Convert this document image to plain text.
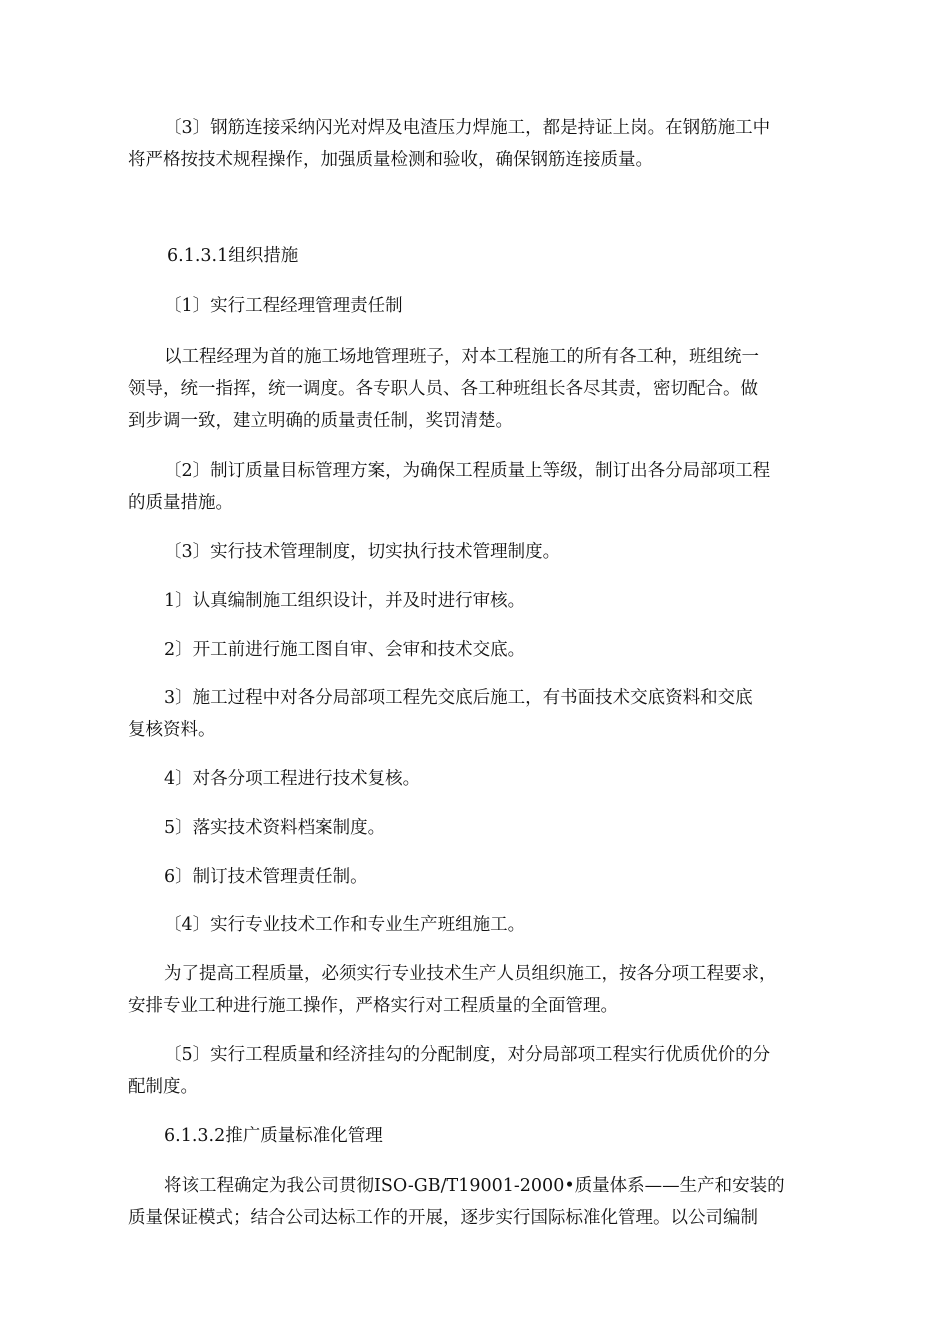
〔3〕钢筋连接采纳闪光对焊及电渣压力焊施工，都是持证上岗。在钢筋施工中
将严格按技术规程操作，加强质量检测和验收，确保钢筋连接质量。

6.1.3.1组织措施

〔1〕实行工程经理管理责任制

以工程经理为首的施工场地管理班子，对本工程施工的所有各工种，班组统一
领导，统一指挥，统一调度。各专职人员、各工种班组长各尽其责，密切配合。做
到步调一致，建立明确的质量责任制，奖罚清楚。

〔2〕制订质量目标管理方案，为确保工程质量上等级，制订出各分局部项工程
的质量措施。

〔3〕实行技术管理制度，切实执行技术管理制度。

1〕认真编制施工组织设计，并及时进行审核。

2〕开工前进行施工图自审、会审和技术交底。

3〕施工过程中对各分局部项工程先交底后施工，有书面技术交底资料和交底
复核资料。

4〕对各分项工程进行技术复核。

5〕落实技术资料档案制度。

6〕制订技术管理责任制。

〔4〕实行专业技术工作和专业生产班组施工。

为了提高工程质量，必须实行专业技术生产人员组织施工，按各分项工程要求，
安排专业工种进行施工操作，严格实行对工程质量的全面管理。

〔5〕实行工程质量和经济挂勾的分配制度，对分局部项工程实行优质优价的分
配制度。

6.1.3.2推广质量标准化管理

将该工程确定为我公司贯彻ISO-GB/T19001-2000•质量体系——生产和安装的
质量保证模式；结合公司达标工作的开展，逐步实行国际标准化管理。以公司编制
